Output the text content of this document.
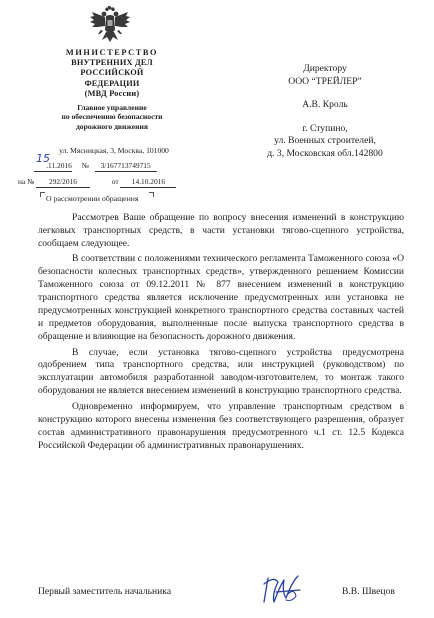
МИНИСТЕРСТВО
ВНУТРЕННИХ ДЕЛ
РОССИЙСКОЙ ФЕДЕРАЦИИ
(МВД России)
Главное управление
по обеспечению безопасности
дорожного движения
ул. Мясницкая, 3, Москва, 101000
15
.11.2016 № 3/167713749715
на № 292/2016	от 14.10.2016
О рассмотрении обращения
Директору
ООО “ТРЕЙЛЕР”
А.В. Кроль
г. Ступино,
ул. Военных строителей,
д. 3, Московская обл.142800

Рассмотрев Ваше обращение по вопросу внесения изменений в конструкцию легковых транспортных средств, в части установки тягово-сцепного устройства, сообщаем следующее.

В соответствии с положениями технического регламента Таможенного союза «О безопасности колесных транспортных средств», утвержденного решением Комиссии Таможенного союза от 09.12.2011 № 877 внесением изменений в конструкцию транспортного средства является исключение предусмотренных или установка не предусмотренных конструкцией конкретного транспортного средства составных частей и предметов оборудования, выполненные после выпуска транспортного средства в обращение и влияющие на безопасность дорожного движения.

В случае, если установка тягово-сцепного устройства предусмотрена одобрением типа транспортного средства, или инструкцией (руководством) по эксплуатации автомобиля разработанной заводом-изготовителем, то монтаж такого оборудования не является внесением изменений в конструкцию транспортного средства.

Одновременно информируем, что управление транспортным средством в конструкцию которого внесены изменения без соответствующего разрешения, образует состав административного правонарушения предусмотренного ч.1 ст. 12.5 Кодекса Российской Федерации об административных правонарушениях.

Первый заместитель начальника	В.В. Швецов
